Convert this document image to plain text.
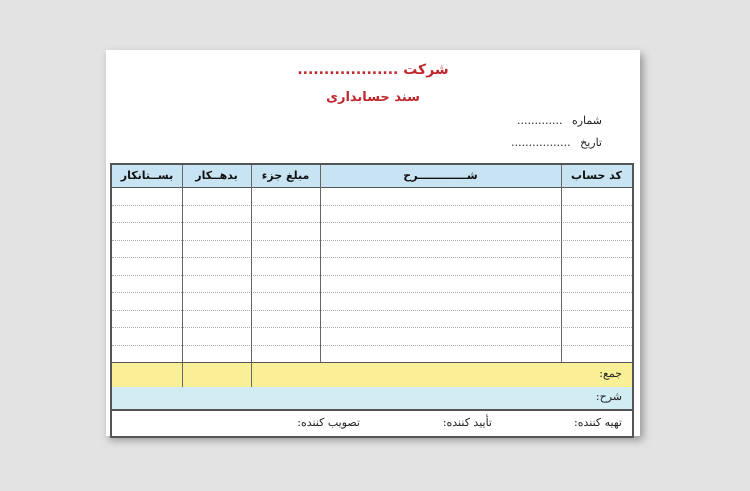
شرکت ...................
سند حسابداری
شماره .............
تاریخ .................
کد حساب
شـــــــــــــرح
مبلغ جزء
بدهــکار
بســتانکار
جمع:
شرح:
تهیه کننده:
تأیید کننده:
تصویب کننده:
